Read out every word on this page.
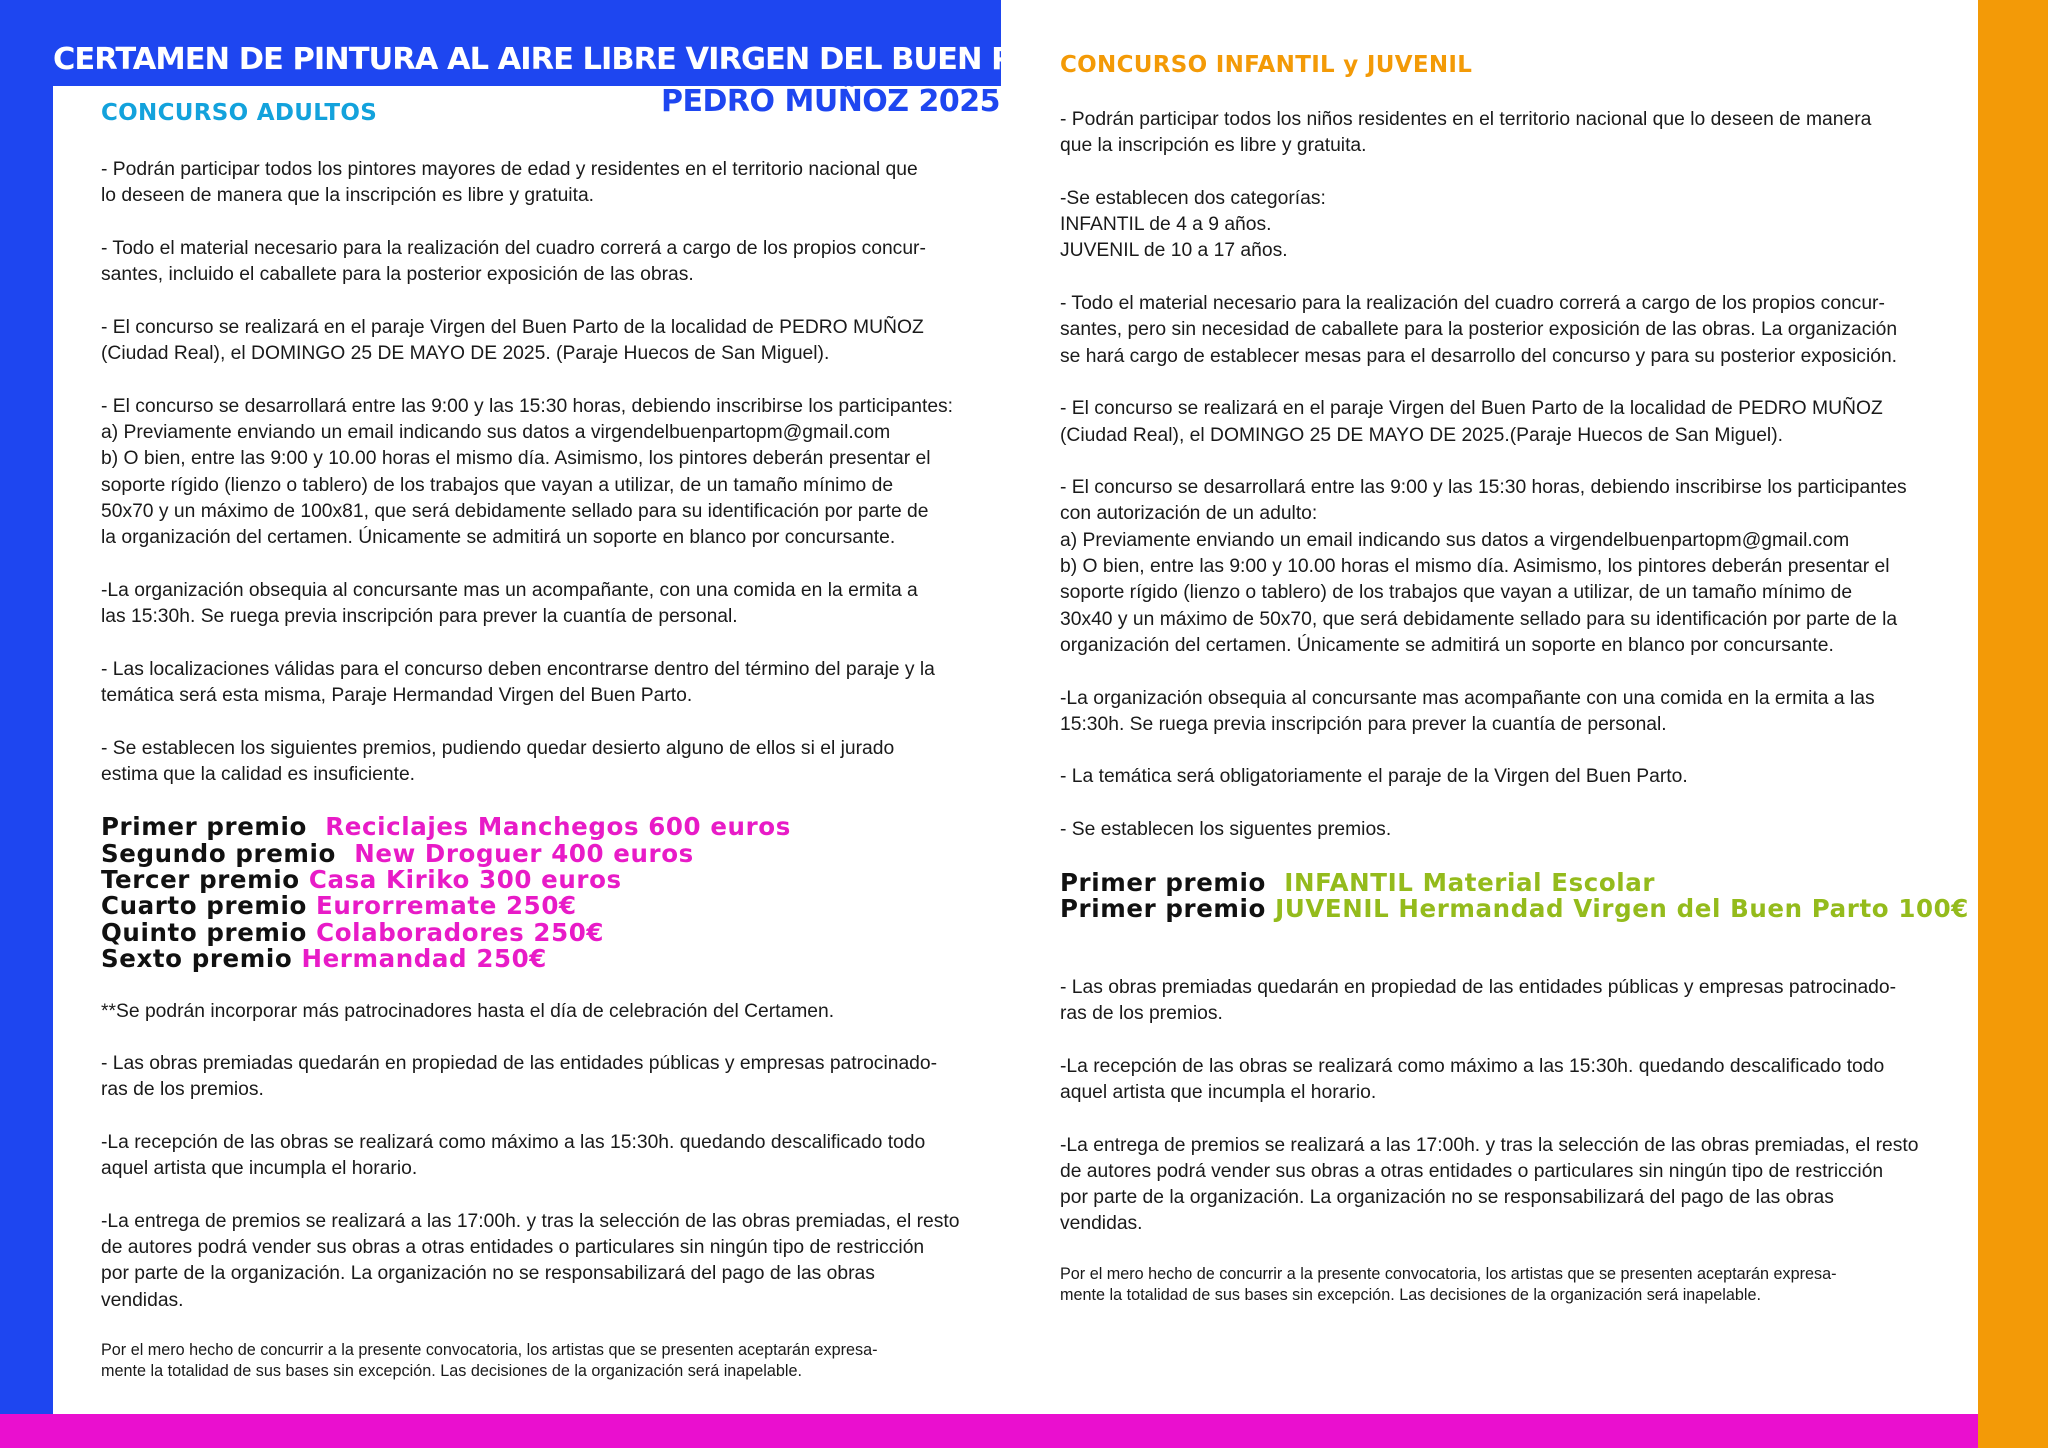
CERTAMEN DE PINTURA AL AIRE LIBRE VIRGEN DEL BUEN PARTO
PEDRO MUÑOZ 2025
CONCURSO ADULTOS
CONCURSO INFANTIL y JUVENIL

- Podrán participar todos los pintores mayores de edad y residentes en el territorio nacional que
lo deseen de manera que la inscripción es libre y gratuita.

- Todo el material necesario para la realización del cuadro correrá a cargo de los propios concur-
santes, incluido el caballete para la posterior exposición de las obras.

- El concurso se realizará en el paraje Virgen del Buen Parto de la localidad de PEDRO MUÑOZ
(Ciudad Real), el DOMINGO 25 DE MAYO DE 2025. (Paraje Huecos de San Miguel).

- El concurso se desarrollará entre las 9:00 y las 15:30 horas, debiendo inscribirse los participantes:
a) Previamente enviando un email indicando sus datos a virgendelbuenpartopm@gmail.com
b) O bien, entre las 9:00 y 10.00 horas el mismo día. Asimismo, los pintores deberán presentar el
soporte rígido (lienzo o tablero) de los trabajos que vayan a utilizar, de un tamaño mínimo de
50x70 y un máximo de 100x81, que será debidamente sellado para su identificación por parte de
la organización del certamen. Únicamente se admitirá un soporte en blanco por concursante.

-La organización obsequia al concursante mas un acompañante, con una comida en la ermita a
las 15:30h. Se ruega previa inscripción para prever la cuantía de personal.

- Las localizaciones válidas para el concurso deben encontrarse dentro del término del paraje y la
temática será esta misma, Paraje Hermandad Virgen del Buen Parto.

- Se establecen los siguientes premios, pudiendo quedar desierto alguno de ellos si el jurado
estima que la calidad es insuficiente.

Primer premio Reciclajes Manchegos 600 euros
Segundo premio New Droguer 400 euros
Tercer premio Casa Kiriko 300 euros
Cuarto premio Eurorremate 250€
Quinto premio Colaboradores 250€
Sexto premio Hermandad 250€

**Se podrán incorporar más patrocinadores hasta el día de celebración del Certamen.

- Las obras premiadas quedarán en propiedad de las entidades públicas y empresas patrocinado-
ras de los premios.

-La recepción de las obras se realizará como máximo a las 15:30h. quedando descalificado todo
aquel artista que incumpla el horario.

-La entrega de premios se realizará a las 17:00h. y tras la selección de las obras premiadas, el resto
de autores podrá vender sus obras a otras entidades o particulares sin ningún tipo de restricción
por parte de la organización. La organización no se responsabilizará del pago de las obras
vendidas.

Por el mero hecho de concurrir a la presente convocatoria, los artistas que se presenten aceptarán expresa-
mente la totalidad de sus bases sin excepción. Las decisiones de la organización será inapelable.

- Podrán participar todos los niños residentes en el territorio nacional que lo deseen de manera
que la inscripción es libre y gratuita.

-Se establecen dos categorías:
INFANTIL de 4 a 9 años.
JUVENIL de 10 a 17 años.

- Todo el material necesario para la realización del cuadro correrá a cargo de los propios concur-
santes, pero sin necesidad de caballete para la posterior exposición de las obras. La organización
se hará cargo de establecer mesas para el desarrollo del concurso y para su posterior exposición.

- El concurso se realizará en el paraje Virgen del Buen Parto de la localidad de PEDRO MUÑOZ
(Ciudad Real), el DOMINGO 25 DE MAYO DE 2025.(Paraje Huecos de San Miguel).

- El concurso se desarrollará entre las 9:00 y las 15:30 horas, debiendo inscribirse los participantes
con autorización de un adulto:
a) Previamente enviando un email indicando sus datos a virgendelbuenpartopm@gmail.com
b) O bien, entre las 9:00 y 10.00 horas el mismo día. Asimismo, los pintores deberán presentar el
soporte rígido (lienzo o tablero) de los trabajos que vayan a utilizar, de un tamaño mínimo de
30x40 y un máximo de 50x70, que será debidamente sellado para su identificación por parte de la
organización del certamen. Únicamente se admitirá un soporte en blanco por concursante.

-La organización obsequia al concursante mas acompañante con una comida en la ermita a las
15:30h. Se ruega previa inscripción para prever la cuantía de personal.

- La temática será obligatoriamente el paraje de la Virgen del Buen Parto.

- Se establecen los siguentes premios.

Primer premio INFANTIL Material Escolar
Primer premio JUVENIL Hermandad Virgen del Buen Parto 100€

- Las obras premiadas quedarán en propiedad de las entidades públicas y empresas patrocinado-
ras de los premios.

-La recepción de las obras se realizará como máximo a las 15:30h. quedando descalificado todo
aquel artista que incumpla el horario.

-La entrega de premios se realizará a las 17:00h. y tras la selección de las obras premiadas, el resto
de autores podrá vender sus obras a otras entidades o particulares sin ningún tipo de restricción
por parte de la organización. La organización no se responsabilizará del pago de las obras
vendidas.

Por el mero hecho de concurrir a la presente convocatoria, los artistas que se presenten aceptarán expresa-
mente la totalidad de sus bases sin excepción. Las decisiones de la organización será inapelable.
